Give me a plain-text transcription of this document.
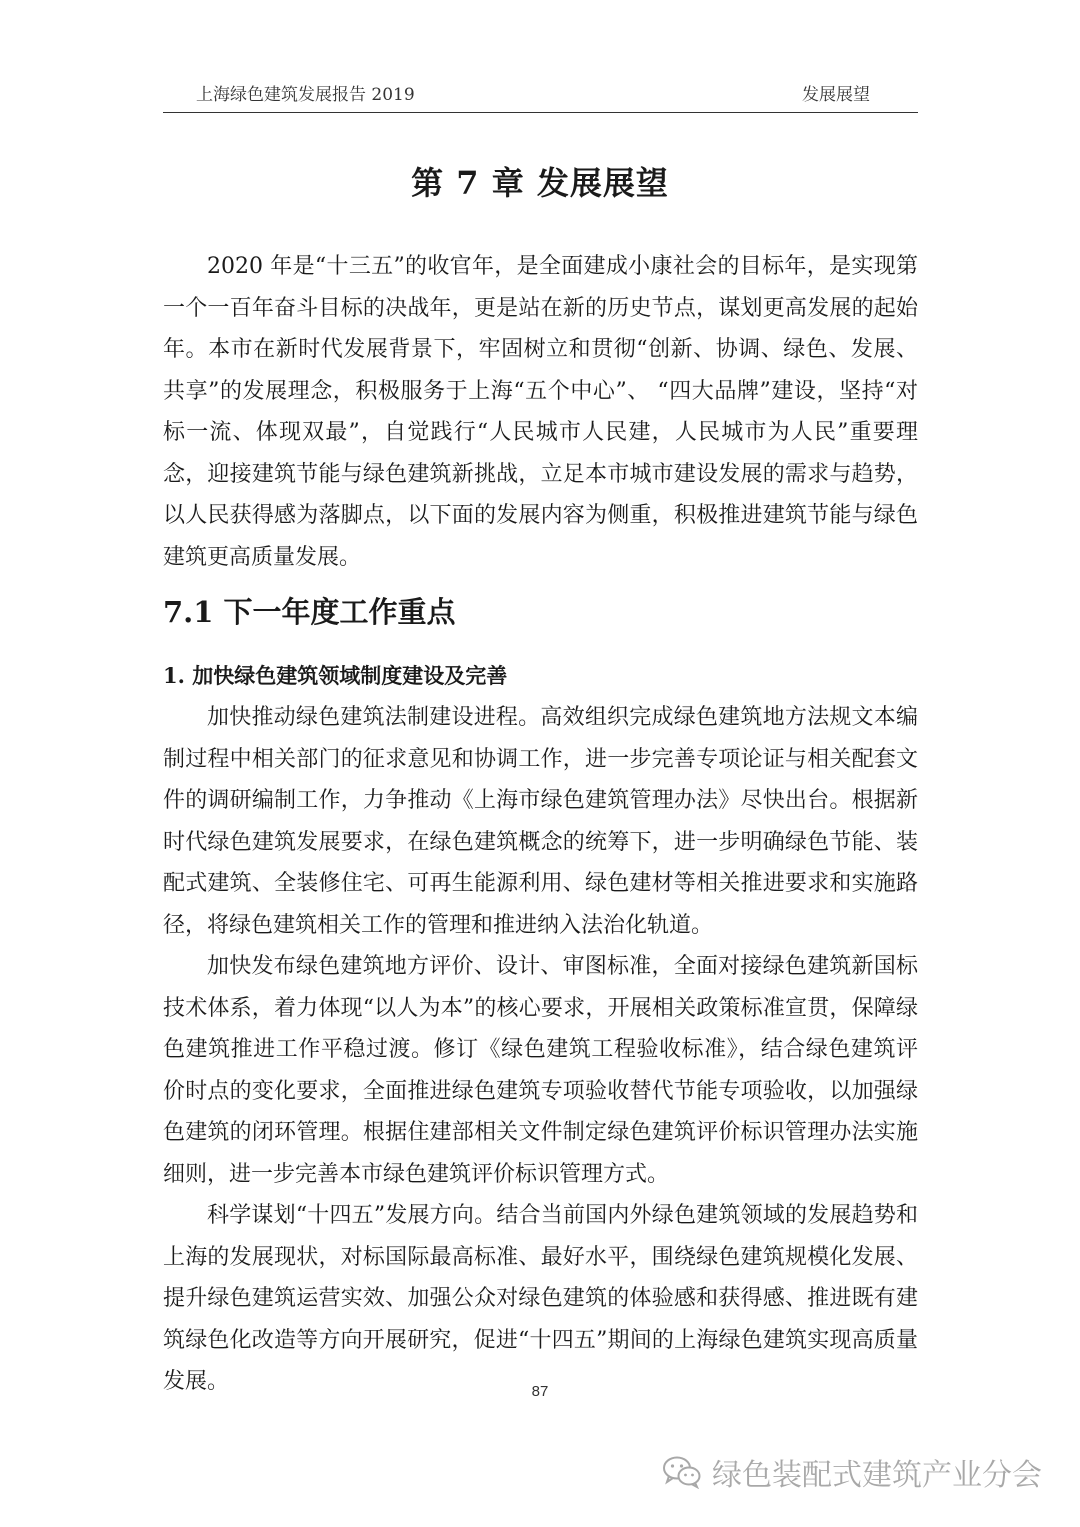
上海绿色建筑发展报告 2019	发展展望
第 7 章 发展展望

2020 年是“十三五”的收官年，是全面建成小康社会的目标年，是实现第一个一百年奋斗目标的决战年，更是站在新的历史节点，谋划更高发展的起始年。本市在新时代发展背景下，牢固树立和贯彻“创新、协调、绿色、发展、共享”的发展理念，积极服务于上海“五个中心”、 “四大品牌”建设，坚持“对标一流、体现双最”，自觉践行“人民城市人民建，人民城市为人民”重要理念，迎接建筑节能与绿色建筑新挑战，立足本市城市建设发展的需求与趋势，以人民获得感为落脚点，以下面的发展内容为侧重，积极推进建筑节能与绿色建筑更高质量发展。

7.1 下一年度工作重点
1. 加快绿色建筑领域制度建设及完善

加快推动绿色建筑法制建设进程。高效组织完成绿色建筑地方法规文本编制过程中相关部门的征求意见和协调工作，进一步完善专项论证与相关配套文件的调研编制工作，力争推动《上海市绿色建筑管理办法》尽快出台。根据新时代绿色建筑发展要求，在绿色建筑概念的统筹下，进一步明确绿色节能、装配式建筑、全装修住宅、可再生能源利用、绿色建材等相关推进要求和实施路径，将绿色建筑相关工作的管理和推进纳入法治化轨道。

加快发布绿色建筑地方评价、设计、审图标准，全面对接绿色建筑新国标技术体系，着力体现“以人为本”的核心要求，开展相关政策标准宣贯，保障绿色建筑推进工作平稳过渡。修订《绿色建筑工程验收标准》，结合绿色建筑评价时点的变化要求，全面推进绿色建筑专项验收替代节能专项验收，以加强绿色建筑的闭环管理。根据住建部相关文件制定绿色建筑评价标识管理办法实施细则，进一步完善本市绿色建筑评价标识管理方式。

科学谋划“十四五”发展方向。结合当前国内外绿色建筑领域的发展趋势和上海的发展现状，对标国际最高标准、最好水平，围绕绿色建筑规模化发展、提升绿色建筑运营实效、加强公众对绿色建筑的体验感和获得感、推进既有建筑绿色化改造等方向开展研究，促进“十四五”期间的上海绿色建筑实现高质量发展。	87
绿色装配式建筑产业分会
